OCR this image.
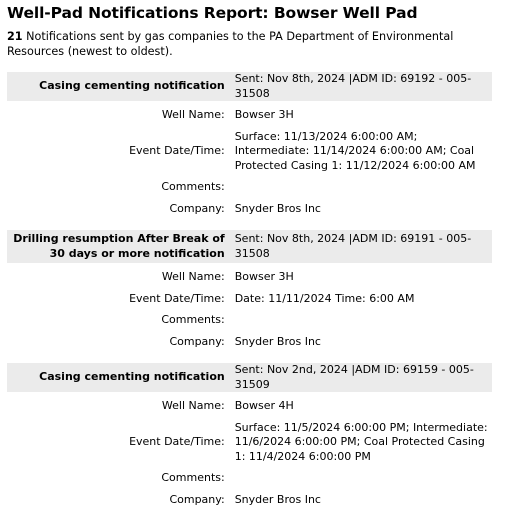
Well-Pad Notifications Report: Bowser Well Pad

21 Notifications sent by gas companies to the PA Department of Environmental Resources (newest to oldest).

Casing cementing notification
Sent: Nov 8th, 2024 |ADM ID: 69192 - 005-31508
Well Name: Bowser 3H
Event Date/Time:
Surface: 11/13/2024 6:00:00 AM; Intermediate: 11/14/2024 6:00:00 AM; Coal Protected Casing 1: 11/12/2024 6:00:00 AM
Comments:
Company: Snyder Bros Inc
Drilling resumption After Break of 30 days or more notification
Sent: Nov 8th, 2024 |ADM ID: 69191 - 005-31508
Well Name: Bowser 3H
Event Date/Time: Date: 11/11/2024 Time: 6:00 AM
Comments:
Company: Snyder Bros Inc
Casing cementing notification
Sent: Nov 2nd, 2024 |ADM ID: 69159 - 005-31509
Well Name: Bowser 4H
Event Date/Time:
Surface: 11/5/2024 6:00:00 PM; Intermediate: 11/6/2024 6:00:00 PM; Coal Protected Casing 1: 11/4/2024 6:00:00 PM
Comments:
Company: Snyder Bros Inc
